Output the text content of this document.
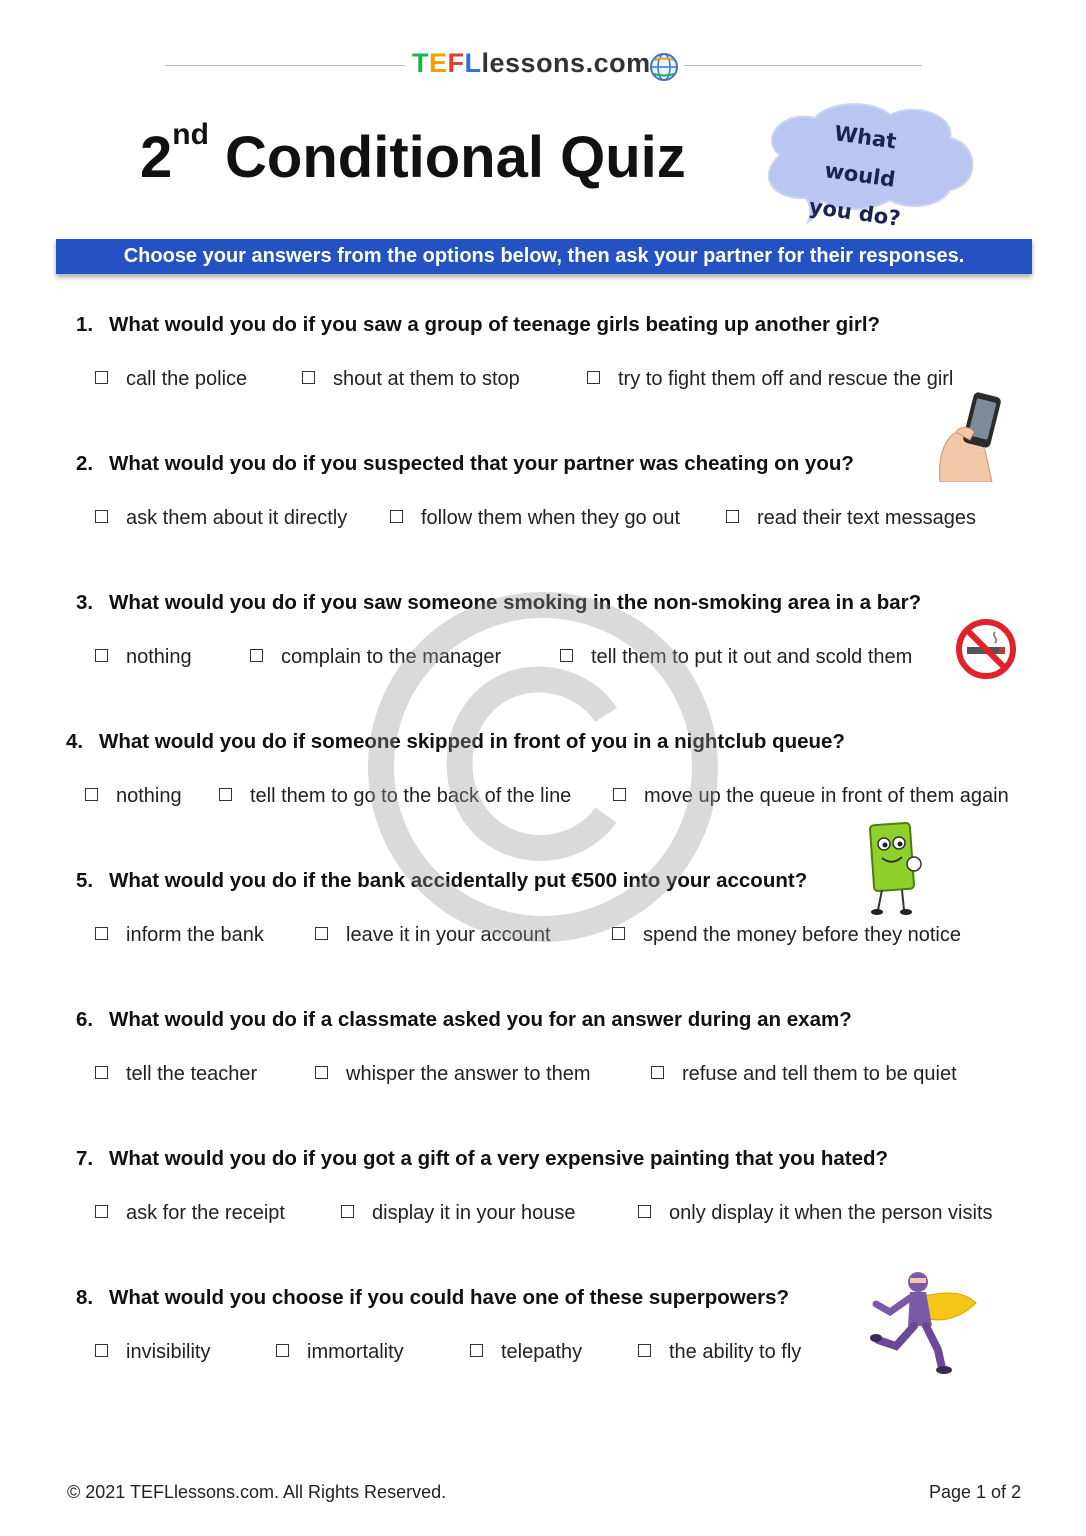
TEFLlessons.com
2nd Conditional Quiz	What would
you do?
Choose your answers from the options below, then ask your partner for their responses.
1. What would you do if you saw a group of teenage girls beating up another girl?
call the police	shout at them to stop	try to fight them off and rescue the girl
2. What would you do if you suspected that your partner was cheating on you?
ask them about it directly	follow them when they go out	read their text messages
3. What would you do if you saw someone smoking in the non-smoking area in a bar?
nothing	complain to the manager	tell them to put it out and scold them
4. What would you do if someone skipped in front of you in a nightclub queue?
nothing	tell them to go to the back of the line	move up the queue in front of them again
5. What would you do if the bank accidentally put €500 into your account?
inform the bank	leave it in your account	spend the money before they notice
6. What would you do if a classmate asked you for an answer during an exam?
tell the teacher	whisper the answer to them	refuse and tell them to be quiet
7. What would you do if you got a gift of a very expensive painting that you hated?
ask for the receipt	display it in your house	only display it when the person visits
8. What would you choose if you could have one of these superpowers?
invisibility	immortality	telepathy	the ability to fly
© 2021 TEFLlessons.com. All Rights Reserved.	Page 1 of 2
